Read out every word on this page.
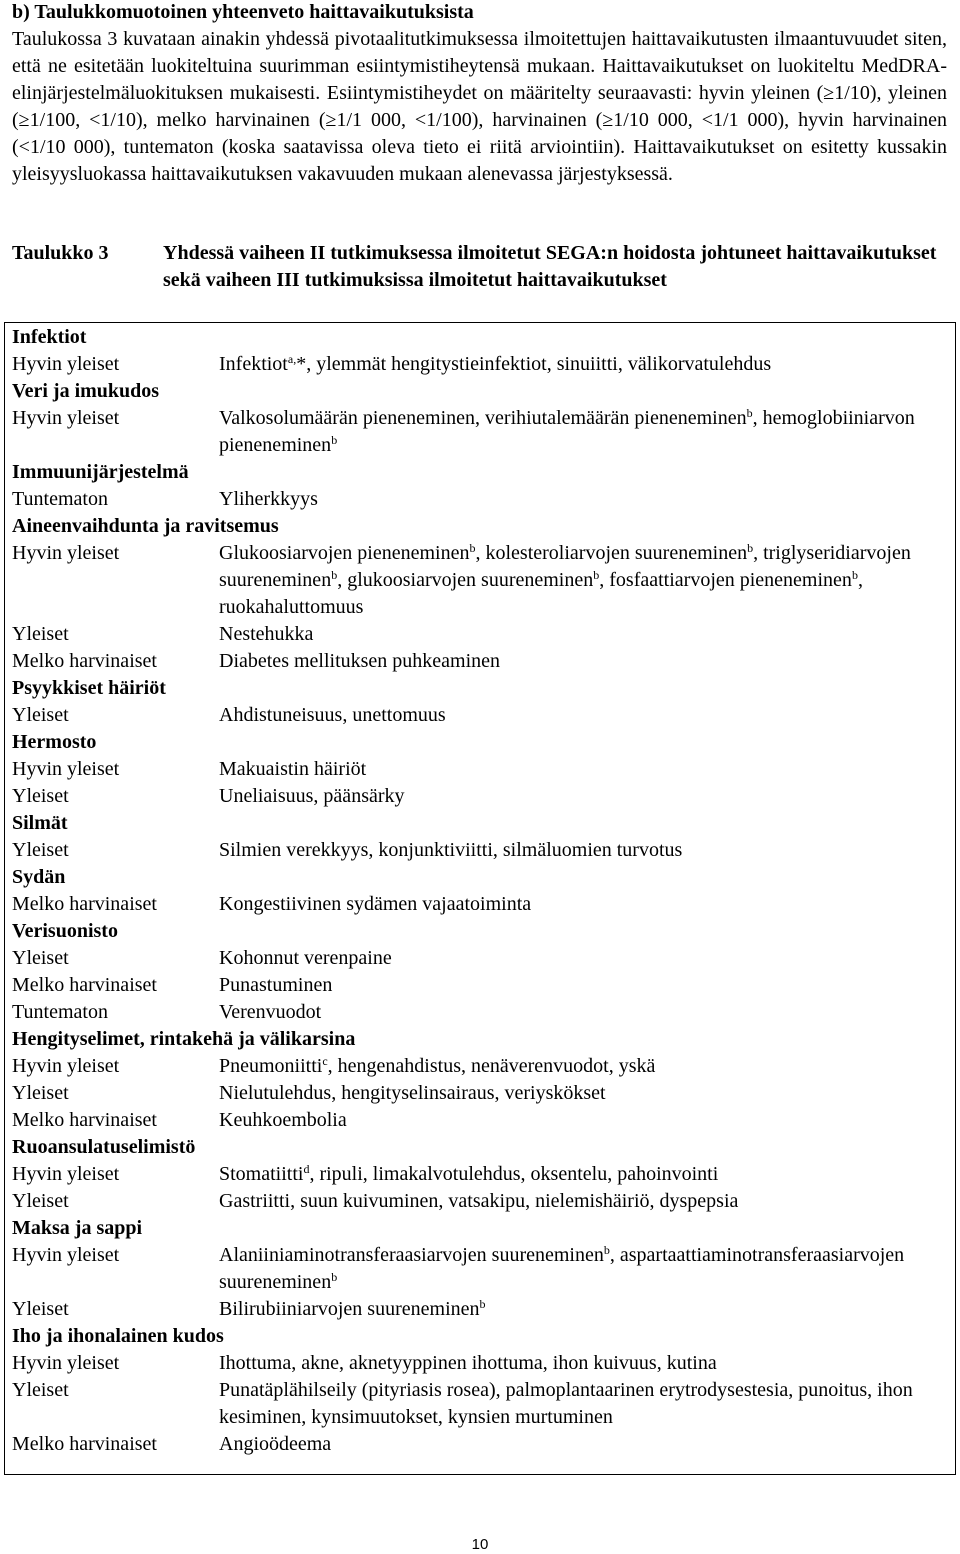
b) Taulukkomuotoinen yhteenveto haittavaikutuksista

Taulukossa 3 kuvataan ainakin yhdessä pivotaalitutkimuksessa ilmoitettujen haittavaikutusten ilmaantuvuudet siten, että ne esitetään luokiteltuina suurimman esiintymistiheytensä mukaan. Haittavaikutukset on luokiteltu MedDRA-elinjärjestelmäluokituksen mukaisesti. Esiintymistiheydet on määritelty seuraavasti: hyvin yleinen (≥1/10), yleinen (≥1/100, <1/10), melko harvinainen (≥1/1 000, <1/100), harvinainen (≥1/10 000, <1/1 000), hyvin harvinainen (<1/10 000), tuntematon (koska saatavissa oleva tieto ei riitä arviointiin). Haittavaikutukset on esitetty kussakin yleisyysluokassa haittavaikutuksen vakavuuden mukaan alenevassa järjestyksessä.

Taulukko 3	Yhdessä vaiheen II tutkimuksessa ilmoitetut SEGA:n hoidosta johtuneet haittavaikutukset sekä vaiheen III tutkimuksissa ilmoitetut haittavaikutukset
Infektiot
Hyvin yleiset	Infektiot$^{a,}$*, ylemmät hengitystieinfektiot, sinuiitti, välikorvatulehdus
Veri ja imukudos
Hyvin yleiset	Valkosolumäärän pieneneminen, verihiutalemäärän pieneneminen$^b$, hemoglobiiniarvon pieneneminen$^b$
Immuunijärjestelmä
Tuntematon	Yliherkkyys
Aineenvaihdunta ja ravitsemus
Hyvin yleiset	Glukoosiarvojen pieneneminen$^b$, kolesteroliarvojen suureneminen$^b$, triglyseridiarvojen suureneminen$^b$, glukoosiarvojen suureneminen$^b$, fosfaattiarvojen pieneneminen$^b$, ruokahaluttomuus
Yleiset	Nestehukka
Melko harvinaiset	Diabetes mellituksen puhkeaminen
Psyykkiset häiriöt
Yleiset	Ahdistuneisuus, unettomuus
Hermosto
Hyvin yleiset	Makuaistin häiriöt
Yleiset	Uneliaisuus, päänsärky
Silmät
Yleiset	Silmien verekkyys, konjunktiviitti, silmäluomien turvotus
Sydän
Melko harvinaiset	Kongestiivinen sydämen vajaatoiminta
Verisuonisto
Yleiset	Kohonnut verenpaine
Melko harvinaiset	Punastuminen
Tuntematon	Verenvuodot
Hengityselimet, rintakehä ja välikarsina
Hyvin yleiset	Pneumoniitti$^c$, hengenahdistus, nenäverenvuodot, yskä
Yleiset	Nielutulehdus, hengityselinsairaus, veriyskökset
Melko harvinaiset	Keuhkoembolia
Ruoansulatuselimistö
Hyvin yleiset	Stomatiitti$^d$, ripuli, limakalvotulehdus, oksentelu, pahoinvointi
Yleiset	Gastriitti, suun kuivuminen, vatsakipu, nielemishäiriö, dyspepsia
Maksa ja sappi
Hyvin yleiset	Alaniiniaminotransferaasiarvojen suureneminen$^b$, aspartaattiaminotransferaasiarvojen suureneminen$^b$
Yleiset	Bilirubiiniarvojen suureneminen$^b$
Iho ja ihonalainen kudos
Hyvin yleiset	Ihottuma, akne, aknetyyppinen ihottuma, ihon kuivuus, kutina
Yleiset	Punatäplähilseily (pityriasis rosea), palmoplantaarinen erytrodysestesia, punoitus, ihon kesiminen, kynsimuutokset, kynsien murtuminen
Melko harvinaiset	Angioödeema
10
